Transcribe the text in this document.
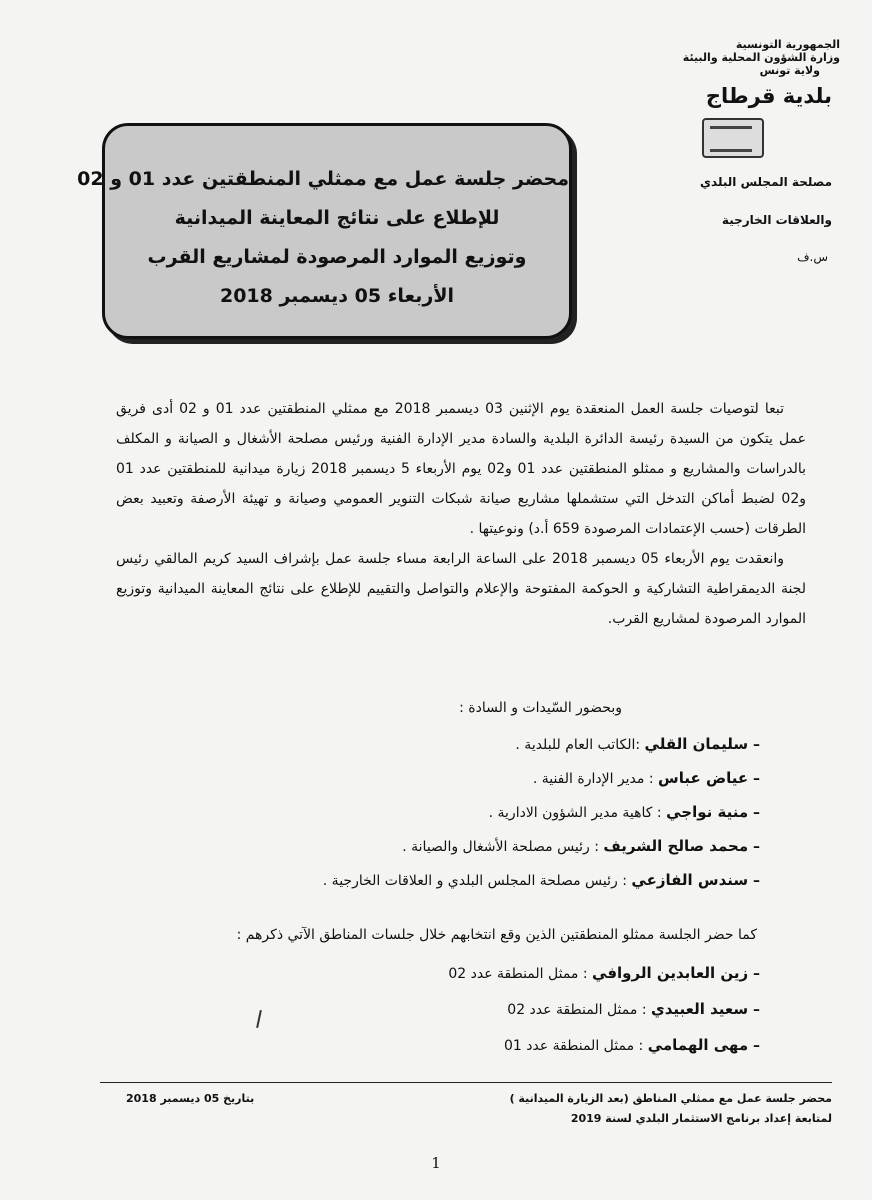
الجمهورية التونسية
وزارة الشؤون المحلية والبيئة
ولاية تونس
بلدية قرطاج
مصلحة المجلس البلدي
والعلاقات الخارجية
س.ف
محضر جلسة عمل مع ممثلي المنطقتين عدد 01 و 02
للإطلاع على نتائج المعاينة الميدانية
وتوزيع الموارد المرصودة لمشاريع القرب
الأربعاء 05 ديسمبر 2018

تبعا لتوصيات جلسة العمل المنعقدة يوم الإثنين 03 ديسمبر 2018 مع ممثلي المنطقتين عدد 01 و 02 أدى فريق عمل يتكون من السيدة رئيسة الدائرة البلدية والسادة مدير الإدارة الفنية ورئيس مصلحة الأشغال و الصيانة و المكلف بالدراسات والمشاريع و ممثلو المنطقتين عدد 01 و02 يوم الأربعاء 5 ديسمبر 2018 زيارة ميدانية للمنطقتين عدد 01 و02 لضبط أماكن التدخل التي ستشملها مشاريع صيانة شبكات التنوير العمومي وصيانة و تهيئة الأرصفة وتعبيد بعض الطرقات (حسب الإعتمادات المرصودة 659 أ.د) ونوعيتها .

وانعقدت يوم الأربعاء 05 ديسمبر 2018 على الساعة الرابعة مساء جلسة عمل بإشراف السيد كريم المالقي رئيس لجنة الديمقراطية التشاركية و الحوكمة المفتوحة والإعلام والتواصل والتقييم للإطلاع على نتائج المعاينة الميدانية وتوزيع الموارد المرصودة لمشاريع القرب.

وبحضور السّيدات و السادة :
– سليمان القلي :الكاتب العام للبلدية .
– عياض عباس : مدير الإدارة الفنية .
– منية نواجي : كاهية مدير الشؤون الادارية .
– محمد صالح الشريف : رئيس مصلحة الأشغال والصيانة .
– سندس الفازعي : رئيس مصلحة المجلس البلدي و العلاقات الخارجية .
كما حضر الجلسة ممثلو المنطقتين الذين وقع انتخابهم خلال جلسات المناطق الآتي ذكرهم :
– زين العابدين الروافي : ممثل المنطقة عدد 02
– سعيد العبيدي : ممثل المنطقة عدد 02
– مهى الهمامي : ممثل المنطقة عدد 01
محضر جلسة عمل مع ممثلي المناطق (بعد الزيارة الميدانية )
لمتابعة إعداد برنامج الاستثمار البلدي لسنة 2019
بتاريخ 05 ديسمبر 2018
1
